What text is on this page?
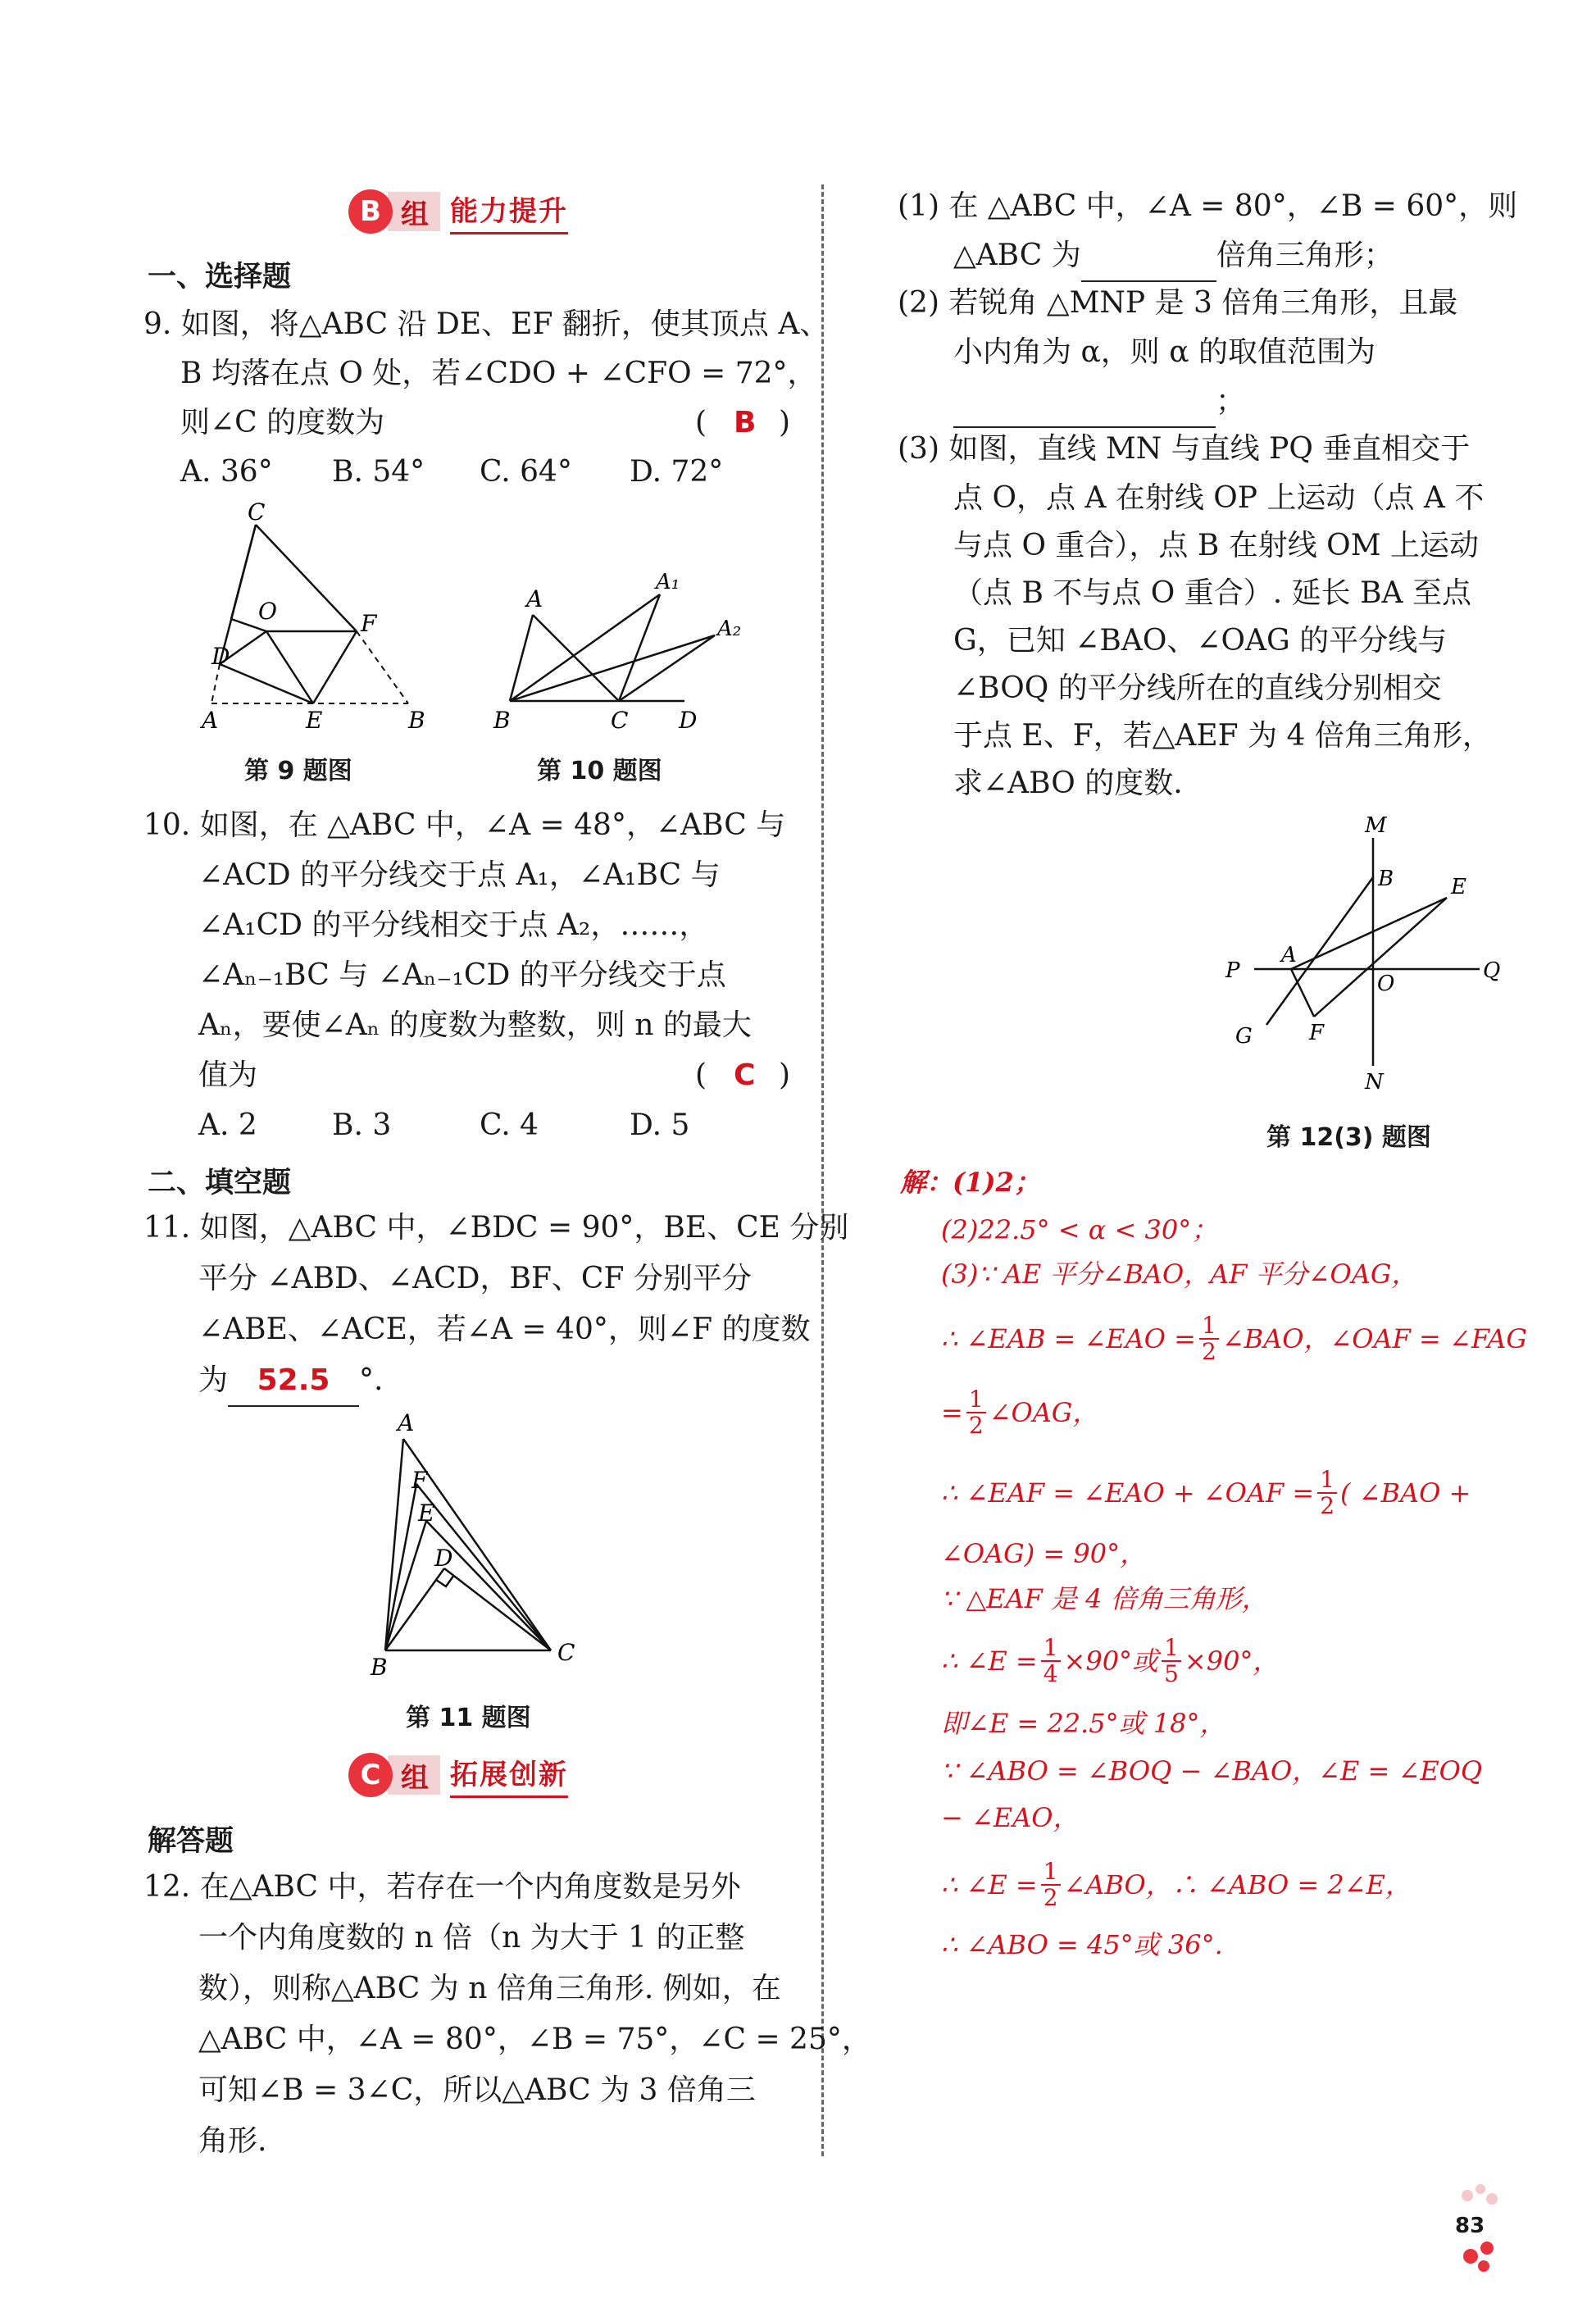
B 组 能力提升
一、选择题
9. 如图，将△ABC 沿 DE、EF 翻折，使其顶点 A、
B 均落在点 O 处，若∠CDO + ∠CFO = 72°，
则∠C 的度数为	( B )
A. 36° B. 54° C. 64° D. 72°
C
O
D
F
A	E	B
第 9 题图
A
A₁
A₂
B	C D
第 10 题图
10. 如图，在 △ABC 中，∠A = 48°，∠ABC 与
∠ACD 的平分线交于点 A₁，∠A₁BC 与
∠A₁CD 的平分线相交于点 A₂，……，
∠Aₙ₋₁BC 与 ∠Aₙ₋₁CD 的平分线交于点
Aₙ，要使∠Aₙ 的度数为整数，则 n 的最大
值为	( C )
A. 2	B. 3	C. 4	D. 5
二、填空题
11. 如图，△ABC 中，∠BDC = 90°，BE、CE 分别
平分 ∠ABD、∠ACD，BF、CF 分别平分
∠ABE、∠ACE，若∠A = 40°，则∠F 的度数
为 52.5 °.
A
F
E
D
B
C
第 11 题图
C 组 拓展创新
解答题
12. 在△ABC 中，若存在一个内角度数是另外
一个内角度数的 n 倍（n 为大于 1 的正整
数），则称△ABC 为 n 倍角三角形. 例如，在
△ABC 中，∠A = 80°，∠B = 75°，∠C = 25°，
可知∠B = 3∠C，所以△ABC 为 3 倍角三
角形.
(1) 在 △ABC 中，∠A = 80°，∠B = 60°，则
△ABC 为	倍角三角形；
(2) 若锐角 △MNP 是 3 倍角三角形，且最
小内角为 α，则 α 的取值范围为
；
(3) 如图，直线 MN 与直线 PQ 垂直相交于
点 O，点 A 在射线 OP 上运动（点 A 不
与点 O 重合），点 B 在射线 OM 上运动
（点 B 不与点 O 重合）. 延长 BA 至点
G，已知 ∠BAO、∠OAG 的平分线与
∠BOQ 的平分线所在的直线分别相交
于点 E、F，若△AEF 为 4 倍角三角形，
求∠ABO 的度数.
M
B	E
P
A
O
Q
G	F
N
第 12(3) 题图
解：(1)2；
(2)22.5° < α < 30°；
(3)∵ AE 平分∠BAO，AF 平分∠OAG，
∴ ∠EAB = ∠EAO = $\frac{1}{2}$ ∠BAO，∠OAF = ∠FAG
= $\frac{1}{2}$ ∠OAG，
∴ ∠EAF = ∠EAO + ∠OAF = $\frac{1}{2}$ ( ∠BAO +
∠OAG) = 90°，
∵ △EAF 是 4 倍角三角形，
∴ ∠E = $\frac{1}{4} \times 90^\circ$或 $\frac{1}{5} \times 90^\circ$，
即∠E = 22.5°或 18°，
∵ ∠ABO = ∠BOQ − ∠BAO，∠E = ∠EOQ
− ∠EAO，
∴ ∠E = $\frac{1}{2}$ ∠ABO，∴ ∠ABO = 2∠E，
∴ ∠ABO = 45°或 36°.
83
